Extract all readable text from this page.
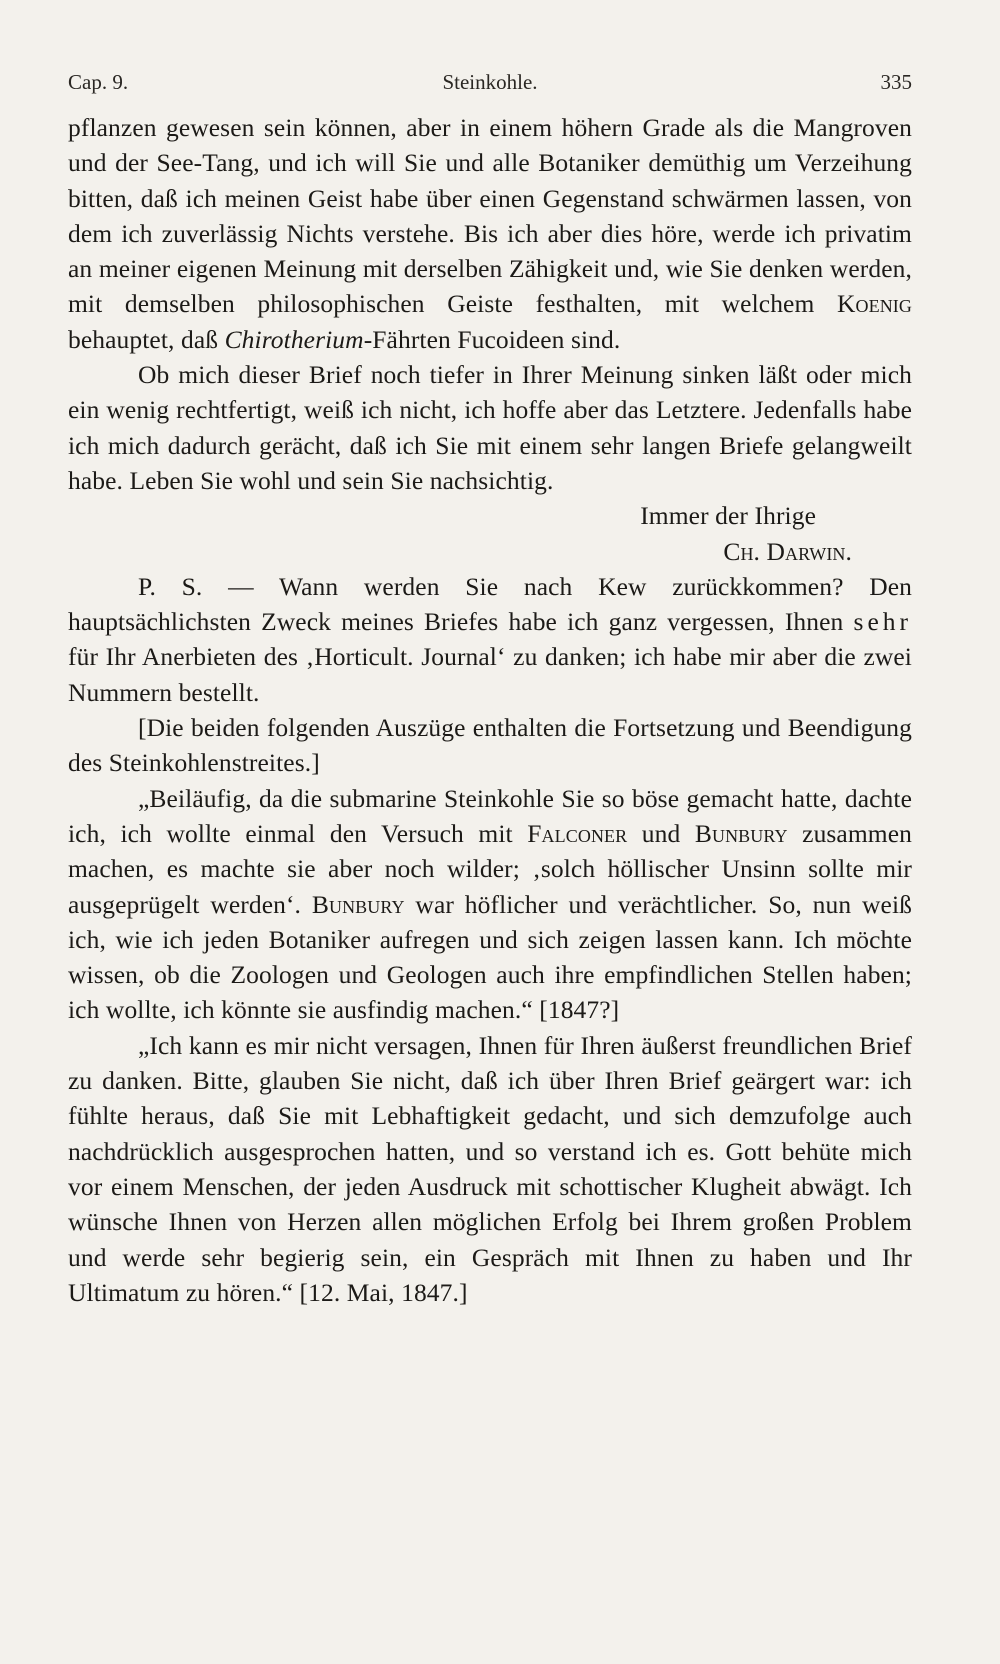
Cap. 9.	Steinkohle.	335

pflanzen gewesen sein können, aber in einem höhern Grade als die Mangroven und der See-Tang, und ich will Sie und alle Botaniker demüthig um Verzeihung bitten, daß ich meinen Geist habe über einen Gegenstand schwärmen lassen, von dem ich zuverlässig Nichts verstehe. Bis ich aber dies höre, werde ich privatim an meiner eigenen Meinung mit derselben Zähigkeit und, wie Sie denken werden, mit demselben philosophischen Geiste festhalten, mit welchem Koenig behauptet, daß Chirotherium-Fährten Fucoideen sind.

Ob mich dieser Brief noch tiefer in Ihrer Meinung sinken läßt oder mich ein wenig rechtfertigt, weiß ich nicht, ich hoffe aber das Letztere. Jedenfalls habe ich mich dadurch gerächt, daß ich Sie mit einem sehr langen Briefe gelangweilt habe. Leben Sie wohl und sein Sie nachsichtig.

Immer der Ihrige
Ch. Darwin.

P. S. — Wann werden Sie nach Kew zurückkommen? Den hauptsächlichsten Zweck meines Briefes habe ich ganz vergessen, Ihnen sehr für Ihr Anerbieten des ‚Horticult. Journal‘ zu danken; ich habe mir aber die zwei Nummern bestellt.

[Die beiden folgenden Auszüge enthalten die Fortsetzung und Beendigung des Steinkohlenstreites.]

„Beiläufig, da die submarine Steinkohle Sie so böse gemacht hatte, dachte ich, ich wollte einmal den Versuch mit Falconer und Bunbury zusammen machen, es machte sie aber noch wilder; ‚solch höllischer Unsinn sollte mir ausgeprügelt werden‘. Bunbury war höflicher und verächtlicher. So, nun weiß ich, wie ich jeden Botaniker aufregen und sich zeigen lassen kann. Ich möchte wissen, ob die Zoologen und Geologen auch ihre empfindlichen Stellen haben; ich wollte, ich könnte sie ausfindig machen.“ [1847?]

„Ich kann es mir nicht versagen, Ihnen für Ihren äußerst freundlichen Brief zu danken. Bitte, glauben Sie nicht, daß ich über Ihren Brief geärgert war: ich fühlte heraus, daß Sie mit Lebhaftigkeit gedacht, und sich demzufolge auch nachdrücklich ausgesprochen hatten, und so verstand ich es. Gott behüte mich vor einem Menschen, der jeden Ausdruck mit schottischer Klugheit abwägt. Ich wünsche Ihnen von Herzen allen möglichen Erfolg bei Ihrem großen Problem und werde sehr begierig sein, ein Gespräch mit Ihnen zu haben und Ihr Ultimatum zu hören.“ [12. Mai, 1847.]
